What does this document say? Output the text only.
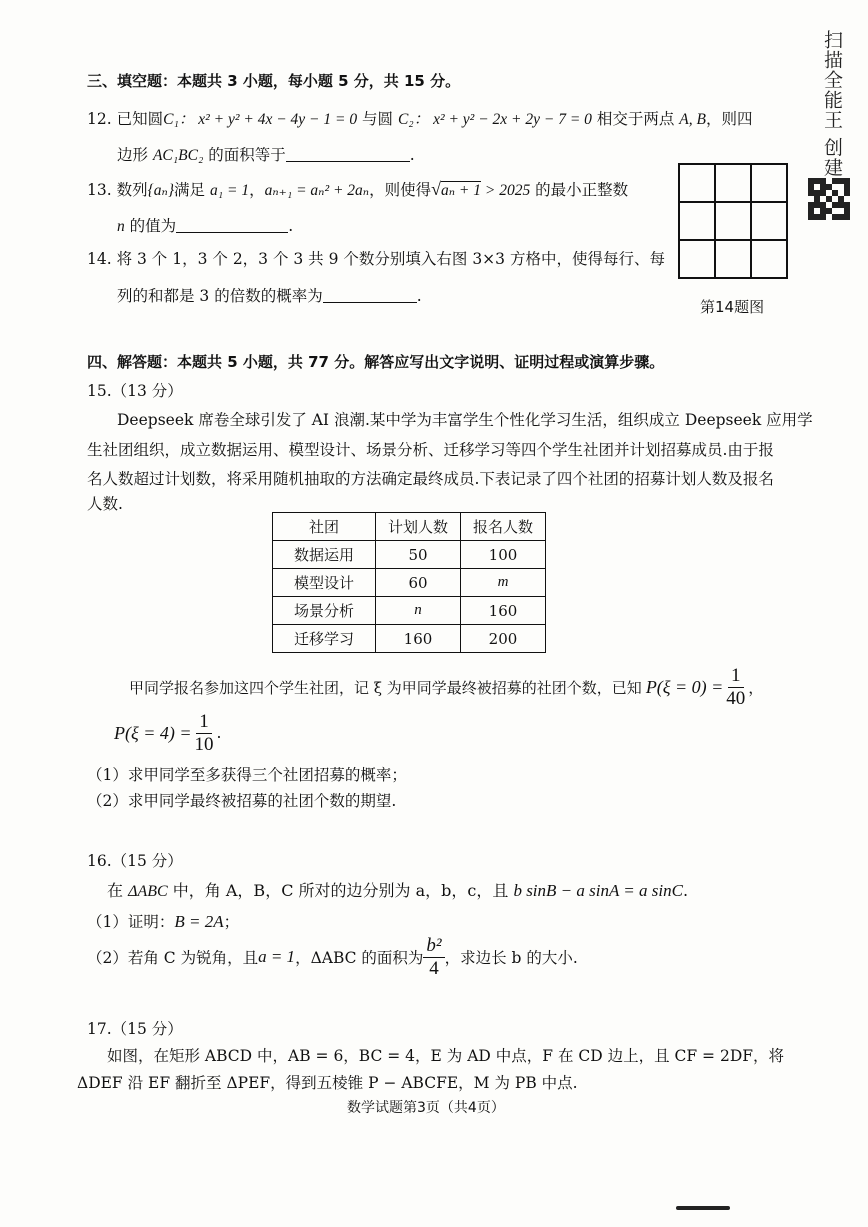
扫描全能王 创建
三、填空题：本题共 3 小题，每小题 5 分，共 15 分。
12. 已知圆C₁： x² + y² + 4x − 4y − 1 = 0 与圆 C₂： x² + y² − 2x + 2y − 7 = 0 相交于两点 A, B，则四
边形 AC₁BC₂ 的面积等于	.
13. 数列{aₙ}满足 a₁ = 1，aₙ₊₁ = aₙ² + 2aₙ，则使得√aₙ + 1 > 2025 的最小正整数
n 的值为	.
14. 将 3 个 1，3 个 2，3 个 3 共 9 个数分别填入右图 3×3 方格中，使得每行、每
列的和都是 3 的倍数的概率为	.

第14题图
四、解答题：本题共 5 小题，共 77 分。解答应写出文字说明、证明过程或演算步骤。
15.（13 分）
Deepseek 席卷全球引发了 AI 浪潮.某中学为丰富学生个性化学习生活，组织成立 Deepseek 应用学
生社团组织，成立数据运用、模型设计、场景分析、迁移学习等四个学生社团并计划招募成员.由于报
名人数超过计划数，将采用随机抽取的方法确定最终成员.下表记录了四个社团的招募计划人数及报名
人数.
社团	计划人数	报名人数
数据运用	50	100
模型设计	60	m
场景分析	n	160
迁移学习	160	200
甲同学报名参加这四个学生社团，记 ξ 为甲同学最终被招募的社团个数，已知 $P(\xi = 0) = \frac{1}{40}$ ，
$P(\xi = 4) = \frac{1}{10}$ .
（1）求甲同学至多获得三个社团招募的概率；
（2）求甲同学最终被招募的社团个数的期望.
16.（15 分）
在 ΔABC 中，角 A，B，C 所对的边分别为 a，b，c，且 b sinB − a sinA = a sinC.
（1）证明：B = 2A；
（2）若角 C 为锐角，且 a = 1 ，ΔABC 的面积为 $\frac{\text{b²}}{4}$ ，求边长 b 的大小.
17.（15 分）
如图，在矩形 ABCD 中，AB = 6，BC = 4，E 为 AD 中点，F 在 CD 边上，且 CF = 2DF，将
ΔDEF 沿 EF 翻折至 ΔPEF，得到五棱锥 P − ABCFE，M 为 PB 中点.
数学试题第3页（共4页）
